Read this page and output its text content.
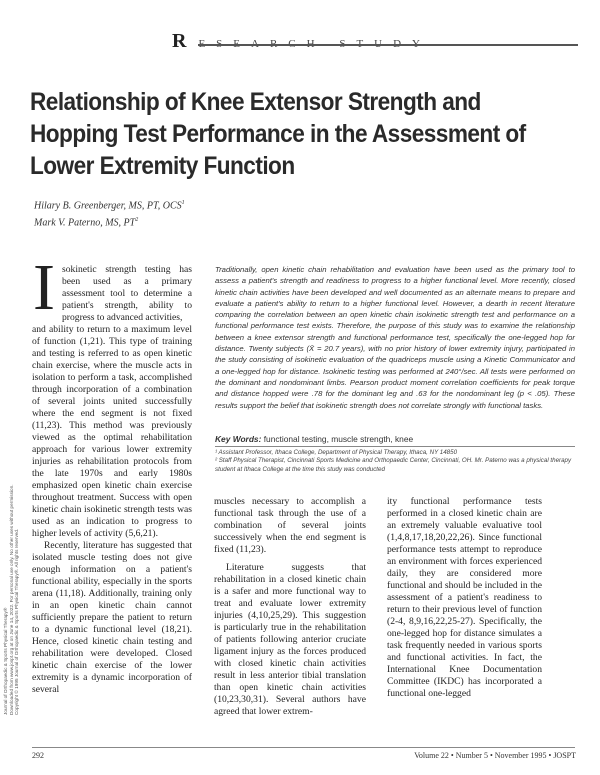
R
Relationship of Knee Extensor Strength and Hopping Test Performance in the Assessment of Lower Extremity Function
Hilary B. Greenberger, MS, PT, OCS$^1$
Mark V. Paterno, MS, $PT^2$
Journal of Orthopaedic & Sports Physical Therapy® Downloaded from www.jospt.org at on June 14, 2022. For personal use only. No other uses without permission. Copyright © 1995 Journal of Orthopaedic & Sports Physical Therapy®. All rights reserved.
I sokinetic strength testing has been used as a primary assessment tool to determine a patient's strength, ability to progress to advanced activities,

and ability to return to a maximum level of function (1,21). This type of training and testing is referred to as open kinetic chain exercise, where the muscle acts in isolation to perform a task, accomplished through incorporation of a combination of several joints united successfully where the end segment is not fixed (11,23). This method was previously viewed as the optimal rehabilitation approach for various lower extremity injuries as rehabilitation protocols from the late 1970s and early 1980s emphasized open kinetic chain exercise throughout treatment. Success with open kinetic chain isokinetic strength tests was used as an indication to progress to higher levels of activity (5,6,21).

Recently, literature has suggested that isolated muscle testing does not give enough information on a patient's functional ability, especially in the sports arena (11,18). Additionally, training only in an open kinetic chain cannot sufficiently prepare the patient to return to a dynamic functional level (18,21). Hence, closed kinetic chain testing and rehabilitation were developed. Closed kinetic chain exercise of the lower extremity is a dynamic incorporation of several

Traditionally, open kinetic chain rehabilitation and evaluation have been used as the primary tool to assess a patient's strength and readiness to progress to a higher functional level. More recently, closed kinetic chain activities have been developed and well documented as an alternate means to prepare and evaluate a patient's ability to return to a higher functional level. However, a dearth in recent literature comparing the correlation between an open kinetic chain isokinetic strength test and performance on a functional performance test exists. Therefore, the purpose of this study was to examine the relationship between a knee extensor strength and functional performance test, specifically the one-legged hop for distance. Twenty subjects (X̄ = 20.7 years), with no prior history of lower extremity injury, participated in the study consisting of isokinetic evaluation of the quadriceps muscle using a Kinetic Communicator and a one-legged hop for distance. Isokinetic testing was performed at 240°/sec. All tests were performed on the dominant and nondominant limbs. Pearson product moment correlation coefficients for peak torque and distance hopped were .78 for the dominant leg and .63 for the nondominant leg (p < .05). These results support the belief that isokinetic strength does not correlate strongly with functional tasks.
Key Words: functional testing, muscle strength, knee
¹ Assistant Professor, Ithaca College, Department of Physical Therapy, Ithaca, NY 14850
² Staff Physical Therapist, Cincinnati Sports Medicine and Orthopaedic Center, Cincinnati, OH. Mr. Paterno was a physical therapy student at Ithaca College at the time this study was conducted

muscles necessary to accomplish a functional task through the use of a combination of several joints successively when the end segment is fixed (11,23).

Literature suggests that rehabilitation in a closed kinetic chain is a safer and more functional way to treat and evaluate lower extremity injuries (4,10,25,29). This suggestion is particularly true in the rehabilitation of patients following anterior cruciate ligament injury as the forces produced with closed kinetic chain activities result in less anterior tibial translation than open kinetic chain activities (10,23,30,31). Several authors have agreed that lower extrem-

ity functional performance tests performed in a closed kinetic chain are an extremely valuable evaluative tool (1,4,8,17,18,20,22,26). Since functional performance tests attempt to reproduce an environment with forces experienced daily, they are considered more functional and should be included in the assessment of a patient's readiness to return to their previous level of function (2-4, 8,9,16,22,25-27). Specifically, the one-legged hop for distance simulates a task frequently needed in various sports and functional activities. In fact, the International Knee Documentation Committee (IKDC) has incorporated a functional one-legged

292	Volume 22 • Number 5 • November 1995 • JOSPT
